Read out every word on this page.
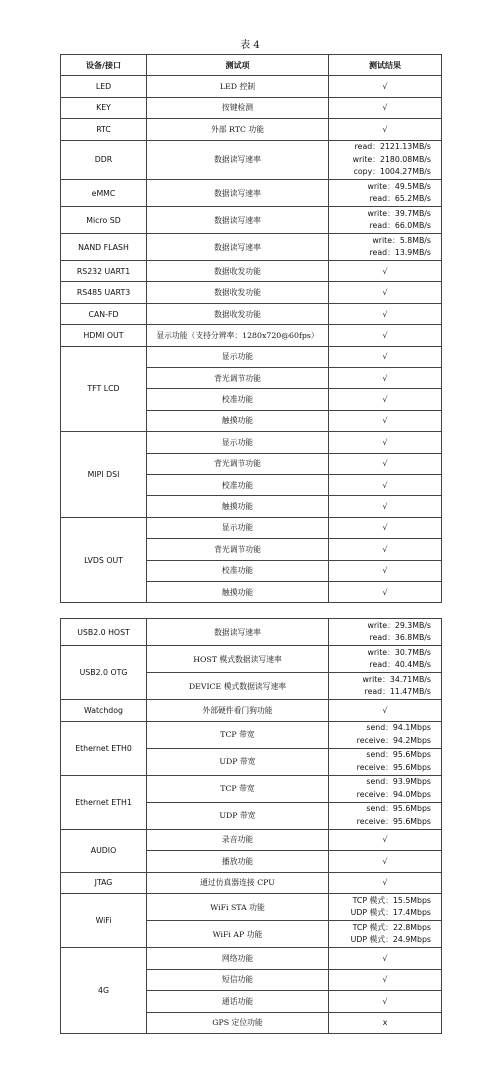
表 4
设备/接口	测试项	测试结果
LED	LED 控制	√

KEY	按键检测	√

RTC	外部 RTC 功能	√

DDR	数据读写速率	read：2121.13MB/s
write：2180.08MB/s
copy：1004.27MB/s

eMMC	数据读写速率	write：49.5MB/s
read：65.2MB/s

Micro SD	数据读写速率	write：39.7MB/s
read：66.0MB/s

NAND FLASH	数据读写速率	write：5.8MB/s
read：13.9MB/s

RS232 UART1	数据收发功能	√

RS485 UART3	数据收发功能	√

CAN-FD	数据收发功能	√

HDMI OUT	显示功能（支持分辨率：1280x720@60fps）	√

TFT LCD	显示功能	√

	背光调节功能	√

	校准功能	√

	触摸功能	√

MIPI DSI	显示功能	√

	背光调节功能	√

	校准功能	√

	触摸功能	√

LVDS OUT	显示功能	√

	背光调节功能	√

	校准功能	√

	触摸功能	√
USB2.0 HOST	数据读写速率	write：29.3MB/s
read：36.8MB/s

USB2.0 OTG	HOST 模式数据读写速率	write：30.7MB/s
read：40.4MB/s

	DEVICE 模式数据读写速率	write：34.71MB/s
read：11.47MB/s

Watchdog	外部硬件看门狗功能	√

Ethernet ETH0	TCP 带宽	send：94.1Mbps
receive：94.2Mbps

	UDP 带宽	send：95.6Mbps
receive：95.6Mbps

Ethernet ETH1	TCP 带宽	send：93.9Mbps
receive：94.0Mbps

	UDP 带宽	send：95.6Mbps
receive：95.6Mbps

AUDIO	录音功能	√

	播放功能	√

JTAG	通过仿真器连接 CPU	√

WiFi	WiFi STA 功能	TCP 模式：15.5Mbps
UDP 模式：17.4Mbps

	WiFi AP 功能	TCP 模式：22.8Mbps
UDP 模式：24.9Mbps

4G	网络功能	√

	短信功能	√

	通话功能	√

	GPS 定位功能	x
